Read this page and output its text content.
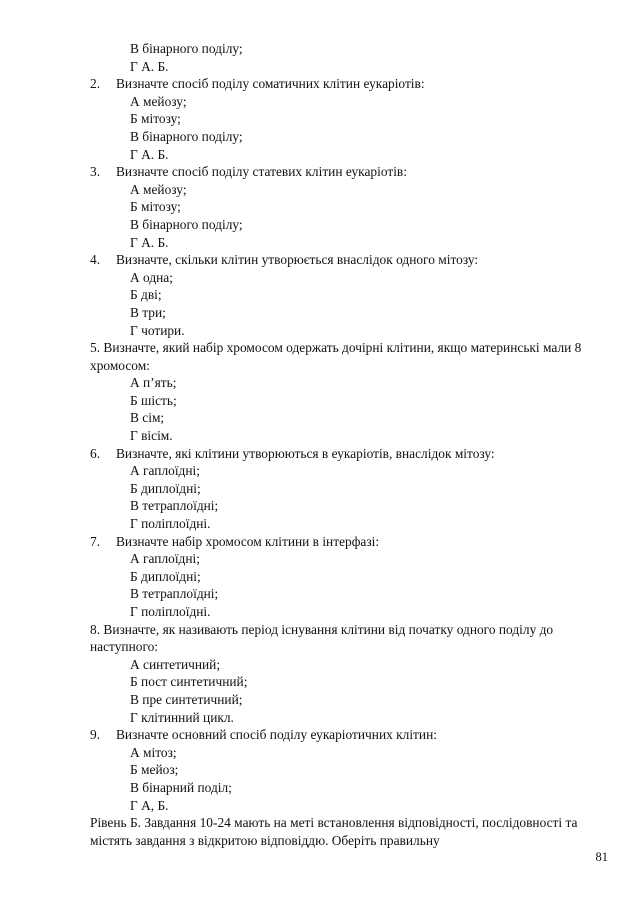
В бінарного поділу;
Г А. Б.
2.	Визначте спосіб поділу соматичних клітин еукаріотів:
А мейозу;
Б мітозу;
В бінарного поділу;
Г А. Б.
3.	Визначте спосіб поділу статевих клітин еукаріотів:
А мейозу;
Б мітозу;
В бінарного поділу;
Г А. Б.
4.	Визначте, скільки клітин утворюється внаслідок одного мітозу:
А одна;
Б дві;
В три;
Г чотири.
5. Визначте, який набір хромосом одержать дочірні клітини, якщо материнські мали 8 хромосом:
А п’ять;
Б шість;
В сім;
Г вісім.
6.	Визначте, які клітини утворюються в еукаріотів, внаслідок мітозу:
А гаплоїдні;
Б диплоїдні;
В тетраплоїдні;
Г поліплоїдні.
7.	Визначте набір хромосом клітини в інтерфазі:
А гаплоїдні;
Б диплоїдні;
В тетраплоїдні;
Г поліплоїдні.
8. Визначте, як називають період існування клітини від початку одного поділу до наступного:
А синтетичний;
Б пост синтетичний;
В пре синтетичний;
Г клітинний цикл.
9.	Визначте основний спосіб поділу еукаріотичних клітин:
А мітоз;
Б мейоз;
В бінарний поділ;
Г А, Б.
Рівень Б. Завдання 10-24 мають на меті встановлення відповідності, послідовності та містять завдання з відкритою відповіддю. Оберіть правильну
81
